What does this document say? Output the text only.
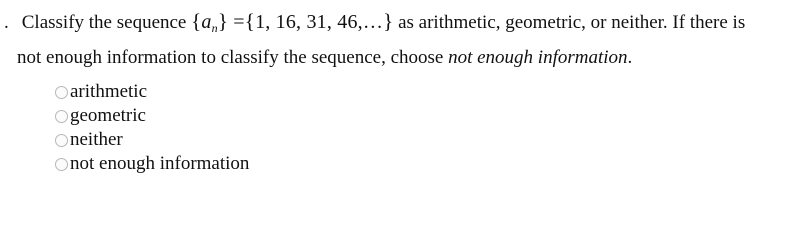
. Classify the sequence $\{a_n\} =\{1$, 16, 31, 46,…} as arithmetic, geometric, or neither. If there is
not enough information to classify the sequence, choose not enough information.
arithmetic
geometric
neither
not enough information
